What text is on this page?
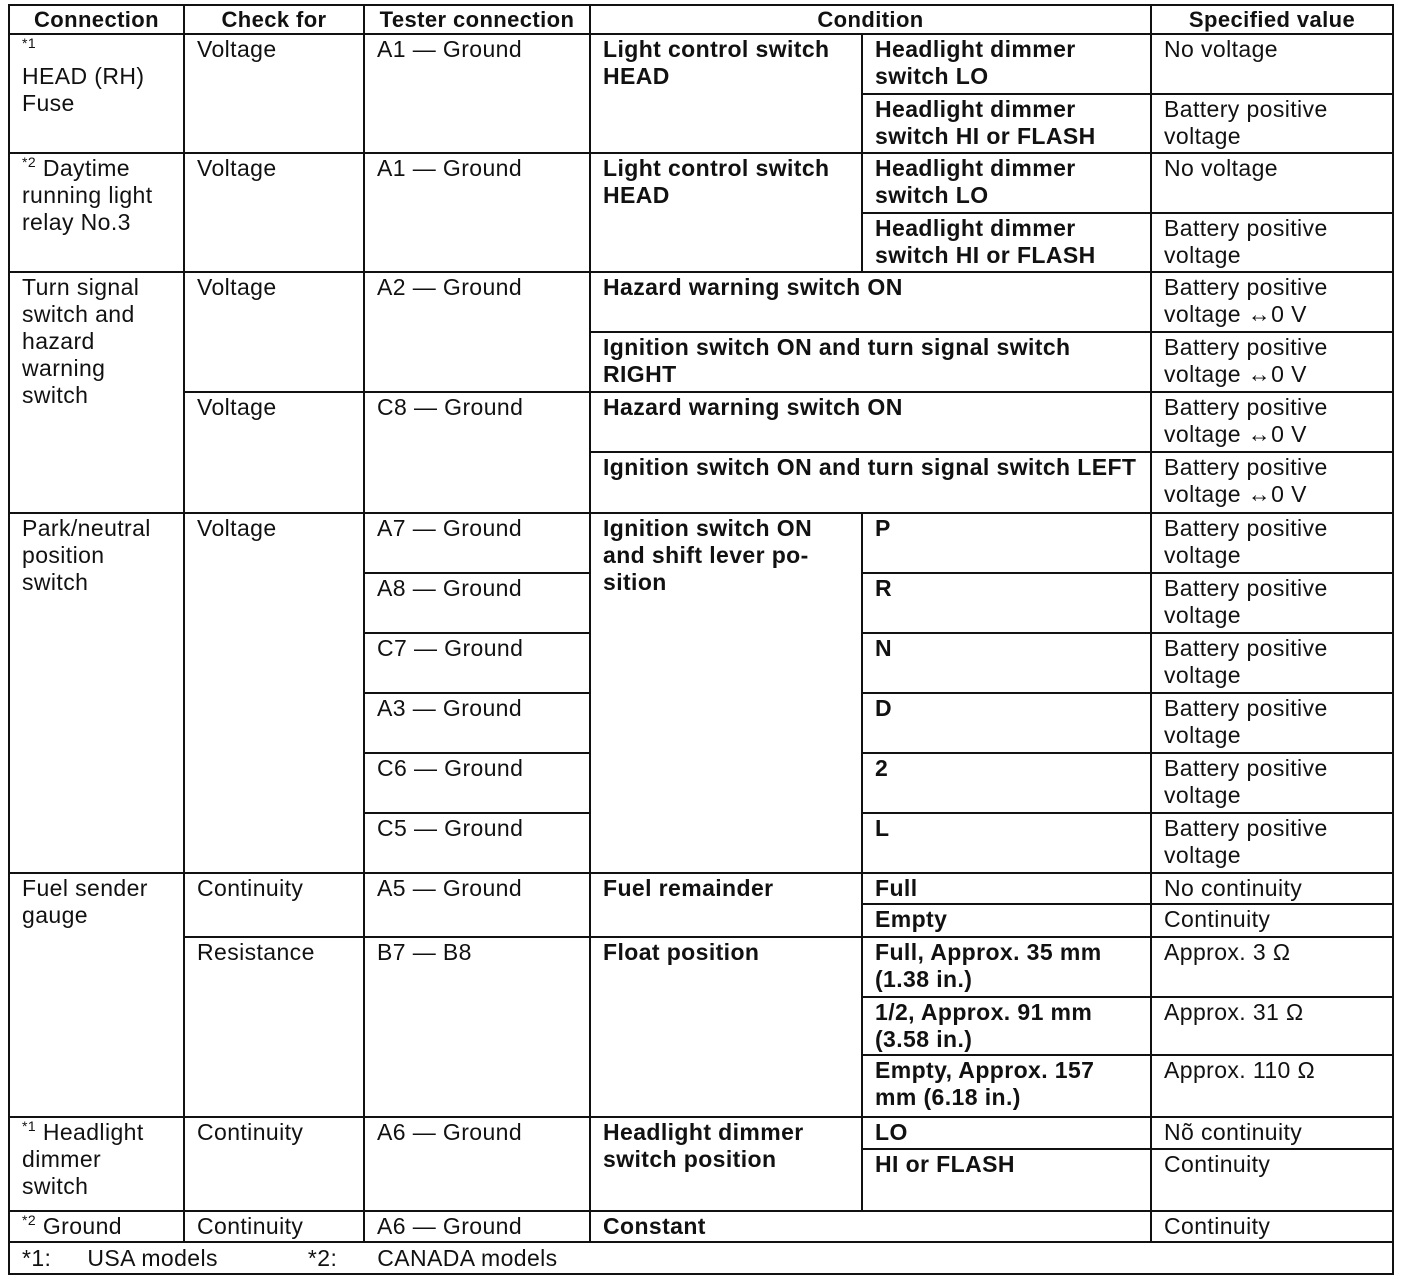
Connection	Check for	Tester connection	Condition		Specified value
$^{*1}$
HEAD (RH) Fuse	Voltage	A1 — Ground	Light control switch HEAD	Headlight dimmer switch LO	No voltage
				Headlight dimmer switch HI or FLASH	Battery positive voltage
$^{*2}$ Daytime running light relay No.3	Voltage	A1 — Ground	Light control switch HEAD	Headlight dimmer switch LO	No voltage
				Headlight dimmer switch HI or FLASH	Battery positive voltage
Turn signal switch and hazard warning switch	Voltage	A2 — Ground	Hazard warning switch ON		Battery positive voltage ↔0 V
			Ignition switch ON and turn signal switch RIGHT		Battery positive voltage ↔0 V
	Voltage	C8 — Ground	Hazard warning switch ON		Battery positive voltage ↔0 V
			Ignition switch ON and turn signal switch LEFT		Battery positive voltage ↔0 V
Park/neutral position switch	Voltage	A7 — Ground	Ignition switch ON and shift lever po- sition	P	Battery positive voltage
		A8 — Ground		R	Battery positive voltage
		C7 — Ground		N	Battery positive voltage
		A3 — Ground		D	Battery positive voltage
		C6 — Ground		2	Battery positive voltage
		C5 — Ground		L	Battery positive voltage
Fuel sender gauge	Continuity	A5 — Ground	Fuel remainder	Full	No continuity
				Empty	Continuity
	Resistance	B7 — B8	Float position	Full, Approx. 35 mm (1.38 in.)	Approx. 3 Ω
				1/2, Approx. 91 mm (3.58 in.)	Approx. 31 Ω
				Empty, Approx. 157 mm (6.18 in.)	Approx. 110 Ω
$^{*1}$ Headlight dimmer switch	Continuity	A6 — Ground	Headlight dimmer switch position	LO	Nõ continuity
				HI or FLASH	Continuity
$^{*2}$ Ground	Continuity	A6 — Ground	Constant		Continuity
*1: USA models *2: CANADA models					
